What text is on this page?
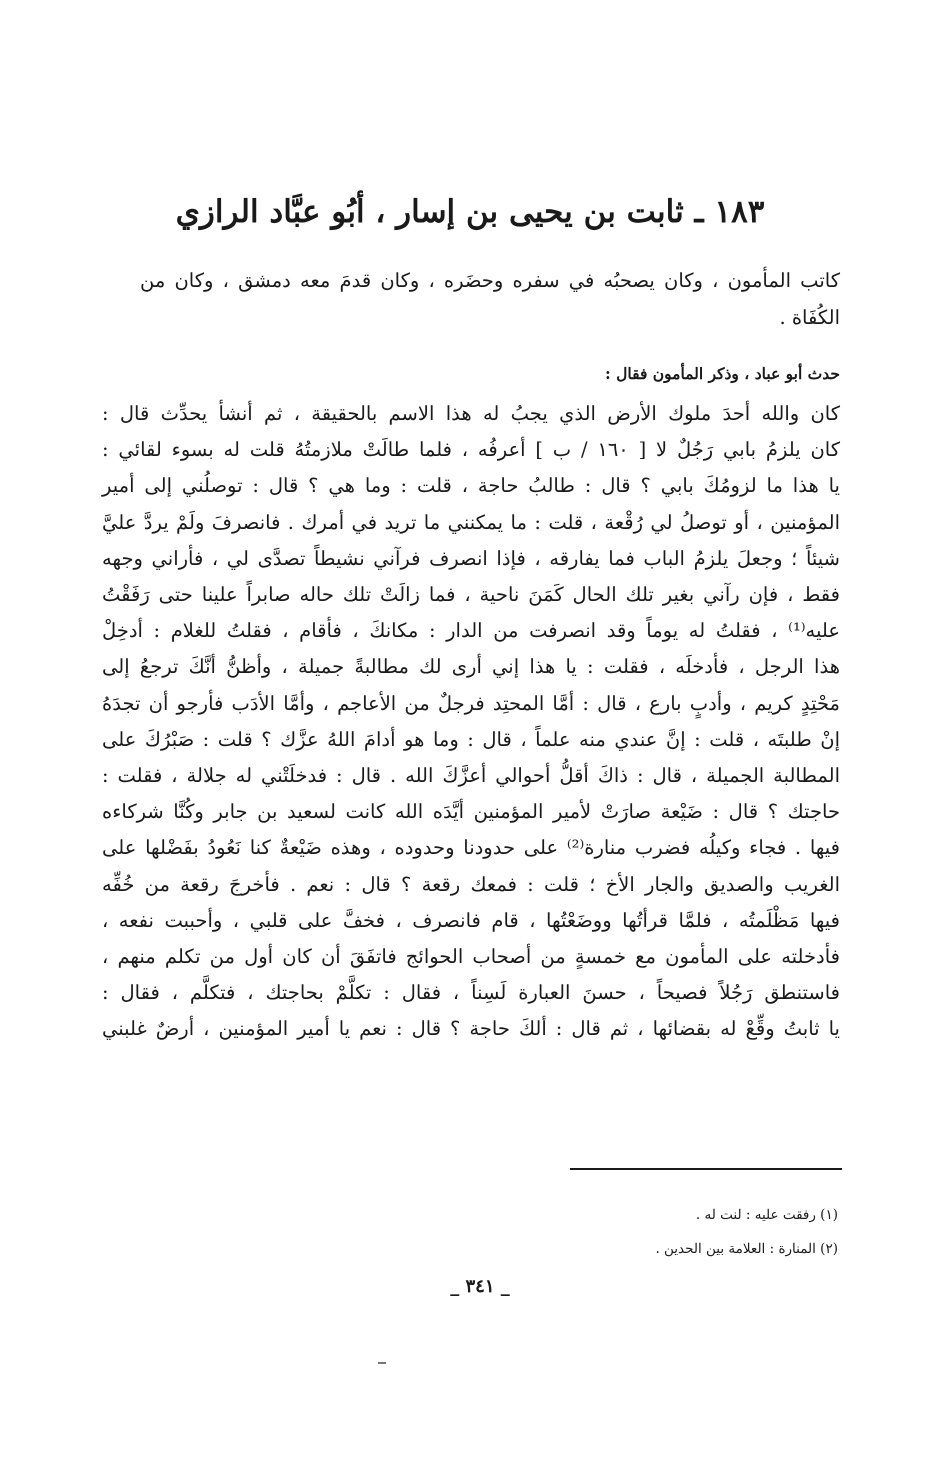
١٨٣ ـ ثابت بن يحيى بن إسار ، أبُو عبَّاد الرازي
كاتب المأمون ، وكان يصحبُه في سفره وحضَره ، وكان قدمَ معه دمشق ، وكان من الكُفَاة .
حدث أبو عباد ، وذكر المأمون فقال :
كان والله أحدَ ملوك الأرض الذي يجبُ له هذا الاسم بالحقيقة ، ثم أنشأ يحدِّث قال :
كان يلزمُ بابي رَجُلٌ لا [ ١٦٠ / ب ] أعرفُه ، فلما طالَتْ ملازمتُهُ قلت له بسوء لقائي :
يا هذا ما لزومُكَ بابي ؟ قال : طالبُ حاجة ، قلت : وما هي ؟ قال : توصلُني إلى أمير
المؤمنين ، أو توصلُ لي رُقْعة ، قلت : ما يمكنني ما تريد في أمرك . فانصرفَ ولَمْ يردَّ عليَّ
شيئاً ؛ وجعلَ يلزمُ الباب فما يفارقه ، فإذا انصرف فرآني نشيطاً تصدَّى لي ، فأراني وجهه
فقط ، فإن رآني بغير تلك الحال كَمَنَ ناحية ، فما زالَتْ تلك حاله صابراً علينا حتى رَفَقْتُ
عليه⁽¹⁾ ، فقلتُ له يوماً وقد انصرفت من الدار : مكانكَ ، فأقام ، فقلتُ للغلام : أدخِلْ
هذا الرجل ، فأدخلَه ، فقلت : يا هذا إني أرى لك مطالبةً جميلة ، وأظنُّ أنَّكَ ترجعُ إلى
مَحْتِدٍ كريم ، وأدبٍ بارع ، قال : أمَّا المحتِد فرجلٌ من الأعاجم ، وأمَّا الأدَب فأرجو أن تجدَهُ
إنْ طلبتَه ، قلت : إنَّ عندي منه علماً ، قال : وما هو أدامَ اللهُ عزَّك ؟ قلت : صَبْرُكَ على
المطالبة الجميلة ، قال : ذاكَ أقلُّ أحوالي أعزَّكَ الله . قال : فدخلَتْني له جلالة ، فقلت :
حاجتك ؟ قال : ضَيْعة صارَتْ لأمير المؤمنين أيَّدَه الله كانت لسعيد بن جابر وكُنَّا شركاءه
فيها . فجاء وكيلُه فضرب منارة⁽²⁾ على حدودنا وحدوده ، وهذه ضَيْعةٌ كنا نَعُودُ بفَضْلها على
الغريب والصديق والجار الأخ ؛ قلت : فمعك رقعة ؟ قال : نعم . فأخرجَ رقعة من خُفِّه
فيها مَظْلَمتُه ، فلمَّا قرأتُها ووضَعْتُها ، قام فانصرف ، فخفَّ على قلبي ، وأحببت نفعه ،
فأدخلته على المأمون مع خمسةٍ من أصحاب الحوائج فاتفَقَ أن كان أول من تكلم منهم ،
فاستنطق رَجُلاً فصيحاً ، حسنَ العبارة لَسِناً ، فقال : تكلَّمْ بحاجتك ، فتكلَّم ، فقال :
يا ثابتُ وقِّعْ له بقضائها ، ثم قال : ألكَ حاجة ؟ قال : نعم يا أمير المؤمنين ، أرضٌ غلبني
(١) رفقت عليه : لنت له .
(٢) المنارة : العلامة بين الحدين .
_ ٣٤١ _
